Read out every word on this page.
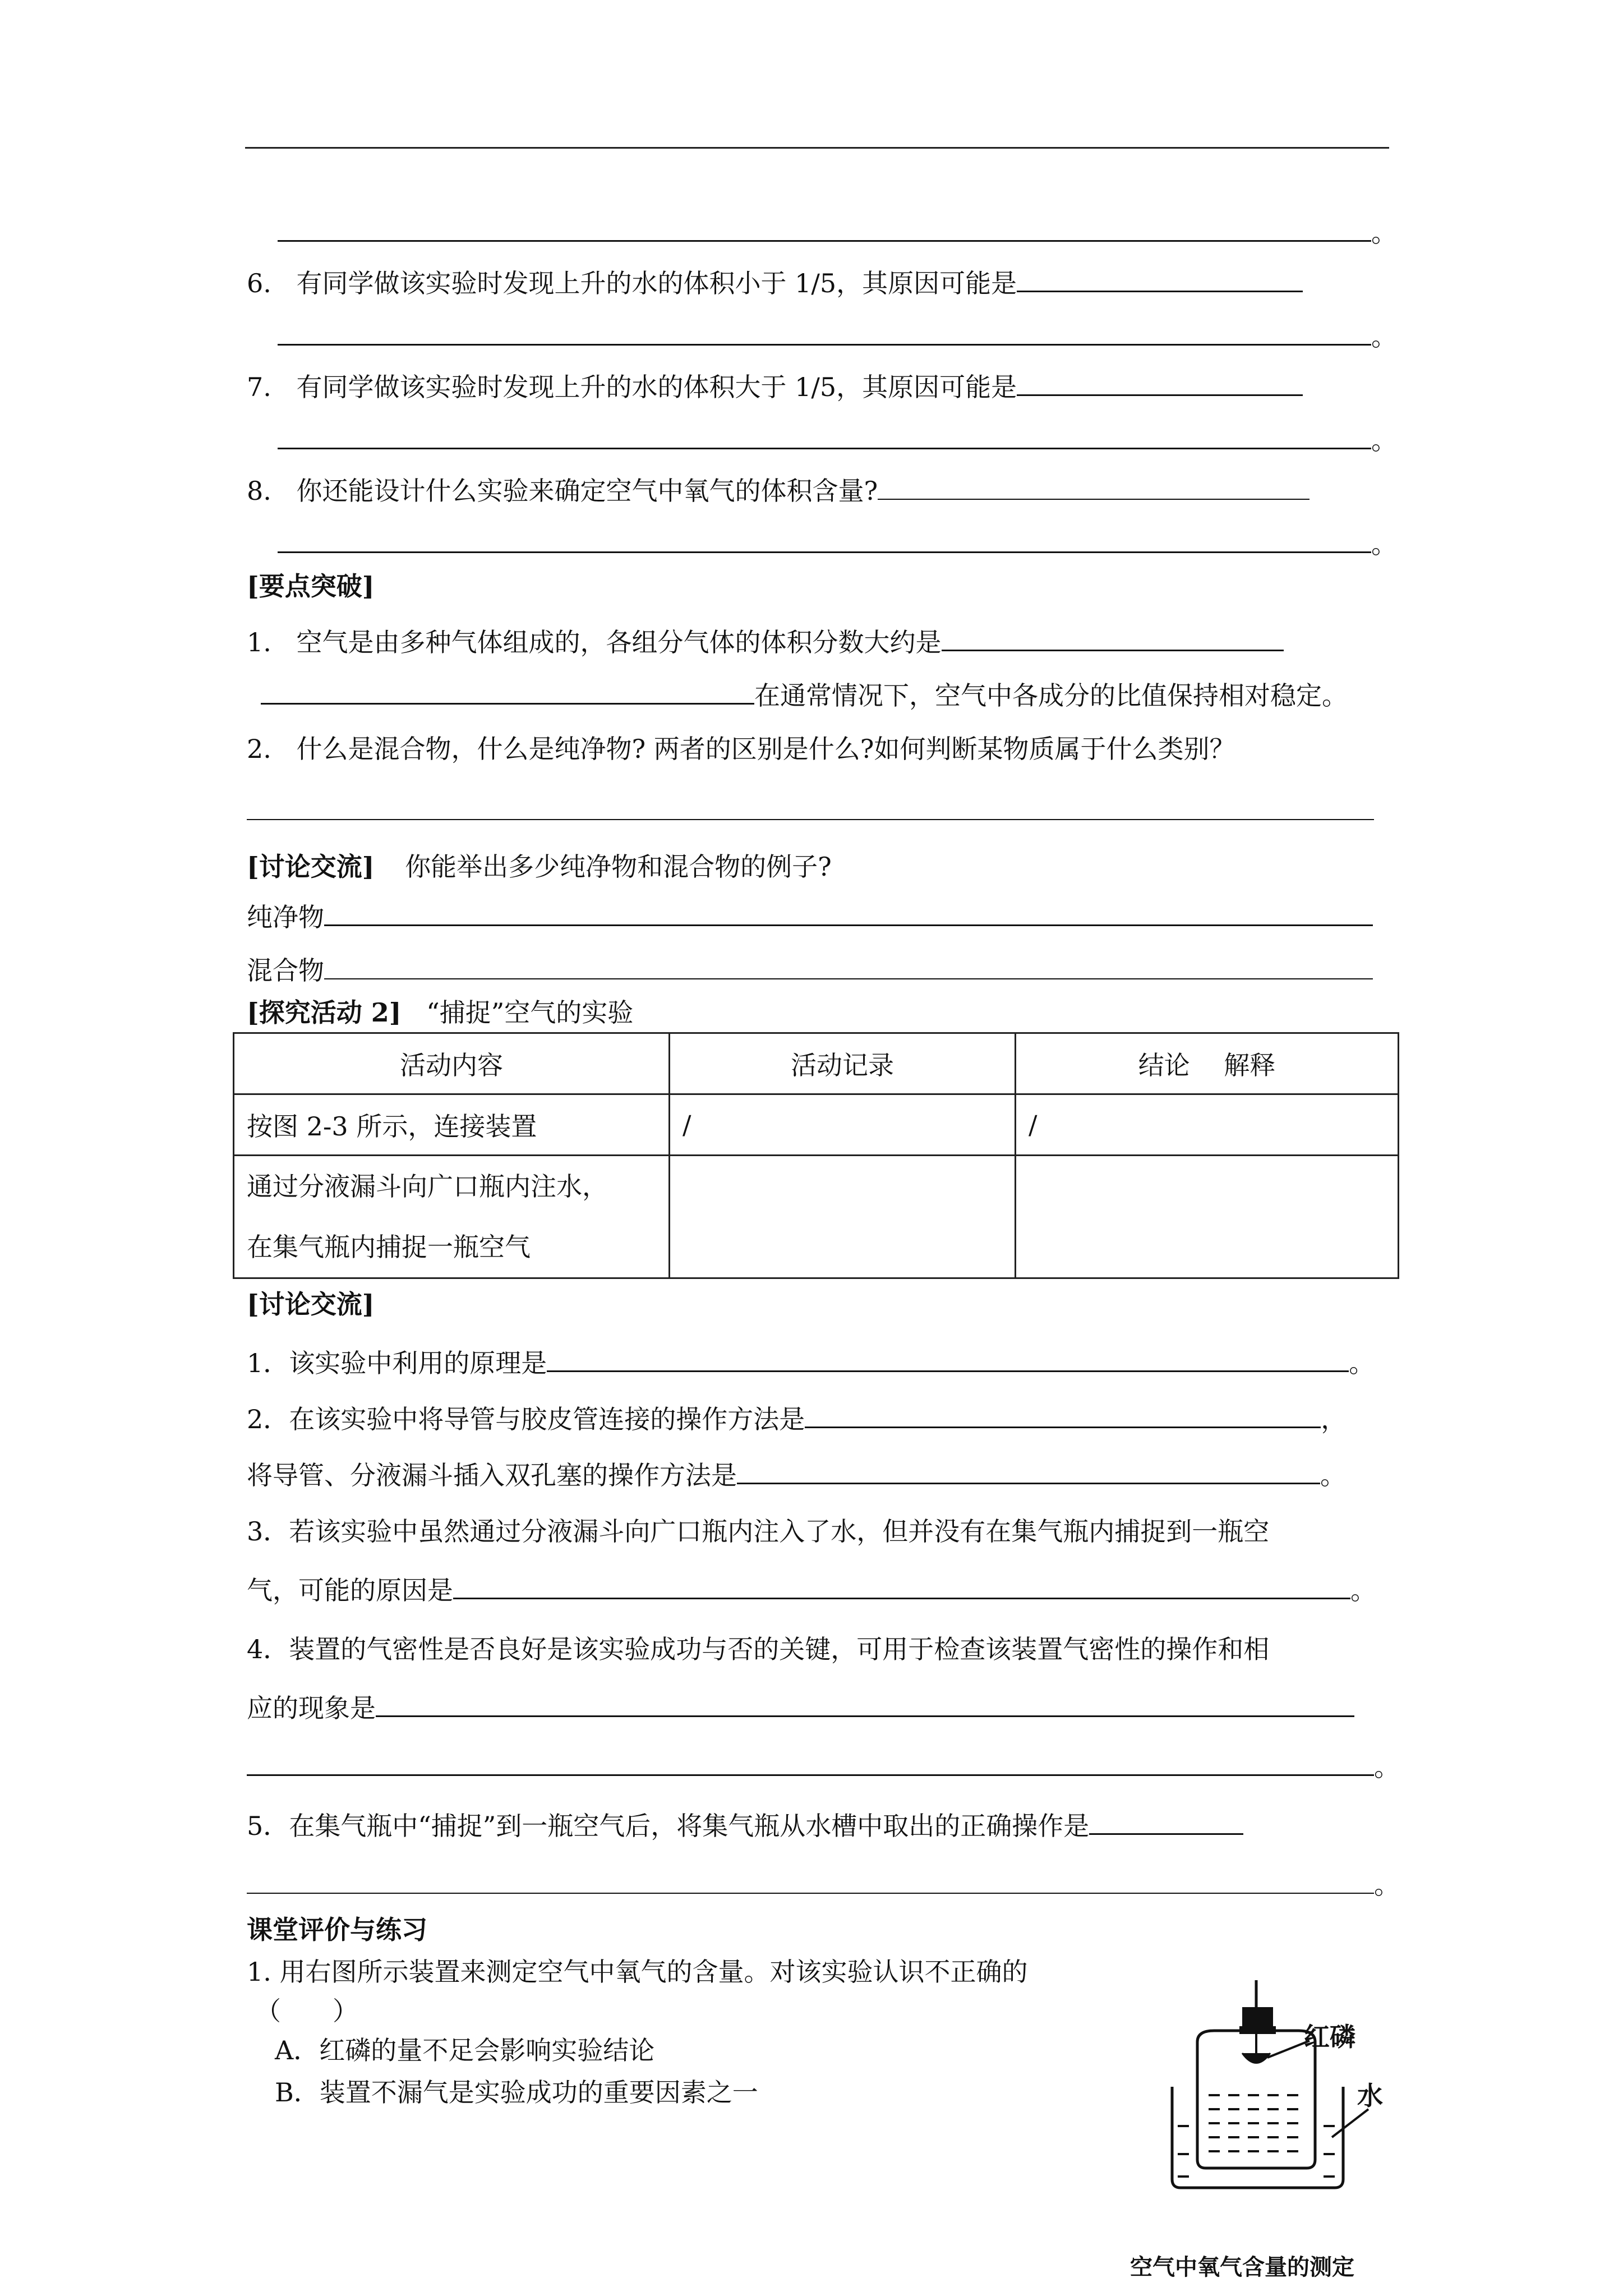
。
6. 有同学做该实验时发现上升的水的体积小于 1/5，其原因可能是
。
7. 有同学做该实验时发现上升的水的体积大于 1/5，其原因可能是
。
8. 你还能设计什么实验来确定空气中氧气的体积含量?
。
[要点突破]
1. 空气是由多种气体组成的，各组分气体的体积分数大约是
在通常情况下，空气中各成分的比值保持相对稳定。
2. 什么是混合物，什么是纯净物? 两者的区别是什么?如何判断某物质属于什么类别？
[讨论交流] 你能举出多少纯净物和混合物的例子?
纯净物
混合物
[探究活动 2] “捕捉”空气的实验
活动内容	活动记录	结论　 解释
按图 2-3 所示，连接装置	/	/

通过分液漏斗向广口瓶内注水，
在集气瓶内捕捉一瓶空气		

[讨论交流]
1．该实验中利用的原理是	。
2．在该实验中将导管与胶皮管连接的操作方法是	，
将导管、分液漏斗插入双孔塞的操作方法是	。
3．若该实验中虽然通过分液漏斗向广口瓶内注入了水，但并没有在集气瓶内捕捉到一瓶空
气，可能的原因是	。
4．装置的气密性是否良好是该实验成功与否的关键，可用于检查该装置气密性的操作和相
应的现象是
。
5．在集气瓶中“捕捉”到一瓶空气后，将集气瓶从水槽中取出的正确操作是
。
课堂评价与练习
1. 用右图所示装置来测定空气中氧气的含量。对该实验认识不正确的
（　　）
A．红磷的量不足会影响实验结论
B．装置不漏气是实验成功的重要因素之一
红磷
水
空气中氧气含量的测定
